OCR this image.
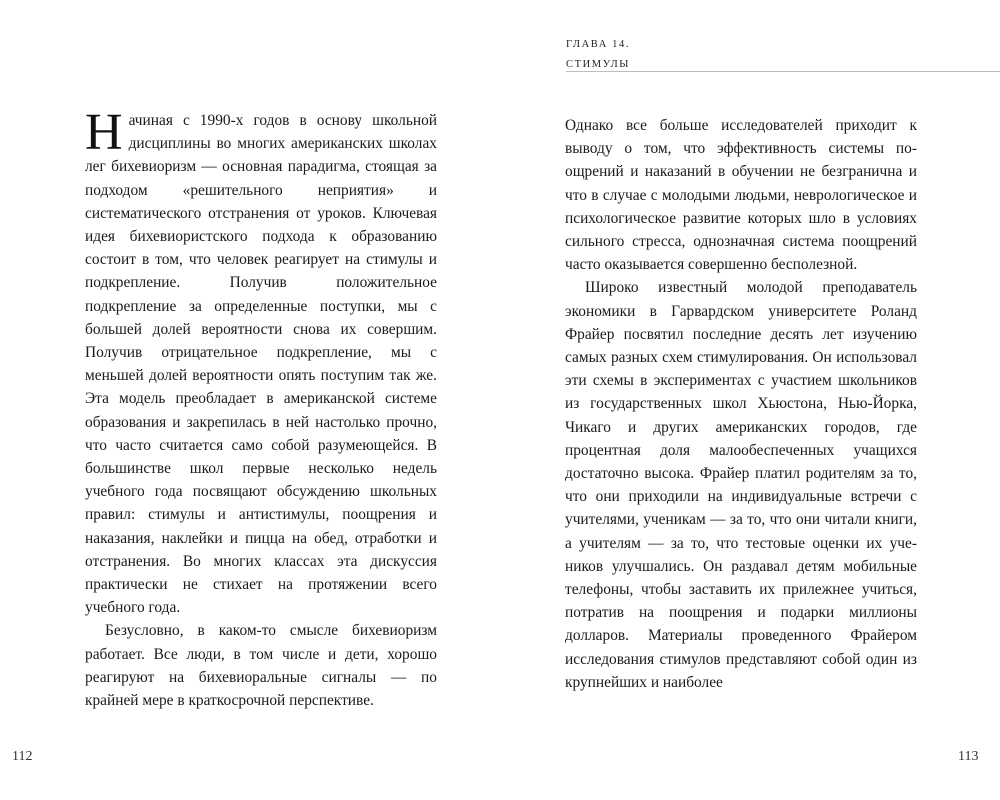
ГЛАВА 14.
СТИМУЛЫ

Начиная с 1990-х годов в основу школьной дисциплины во многих американских школах лег бихевиоризм — основная парадигма, стоящая за подходом «решительного неприятия» и систематического отстранения от уроков. Ключевая идея бихевиористского подхода к образованию состоит в том, что человек реагирует на стимулы и подкрепление. Получив положительное подкрепление за определенные поступки, мы с большей долей вероятности снова их совершим. Получив отрицательное подкрепление, мы с меньшей долей вероятности опять поступим так же. Эта модель преобладает в американской системе образования и закрепилась в ней настолько прочно, что часто считается само собой разумеющейся. В большинстве школ первые несколько недель учебного года посвящают обсуждению школьных правил: стимулы и антистимулы, поощрения и наказания, наклейки и пицца на обед, отработки и отстранения. Во многих классах эта дискуссия практически не стихает на протяжении всего учебного года.

Безусловно, в каком-то смысле бихевиоризм работает. Все люди, в том числе и дети, хорошо реагируют на бихевиоральные сигналы — по крайней мере в краткосрочной перспективе.

Однако все больше исследователей приходит к выводу о том, что эффективность системы поощрений и наказаний в обучении не безгранична и что в случае с молодыми людьми, неврологическое и психологическое развитие которых шло в условиях сильного стресса, однозначная система поощрений часто оказывается совершенно бесполезной.

Широко известный молодой преподаватель экономики в Гарвардском университете Роланд Фрайер посвятил последние десять лет изучению самых разных схем стимулирования. Он использовал эти схемы в экспериментах с участием школьников из государственных школ Хьюстона, Нью-Йорка, Чикаго и других американских городов, где процентная доля малообеспеченных учащихся достаточно высока. Фрайер платил родителям за то, что они приходили на индивидуальные встречи с учителями, ученикам — за то, что они читали книги, а учителям — за то, что тестовые оценки их учеников улучшались. Он раздавал детям мобильные телефоны, чтобы заставить их прилежнее учиться, потратив на поощрения и подарки миллионы долларов. Материалы проведенного Фрайером исследования стимулов представляют собой один из крупнейших и наиболее

112	113
